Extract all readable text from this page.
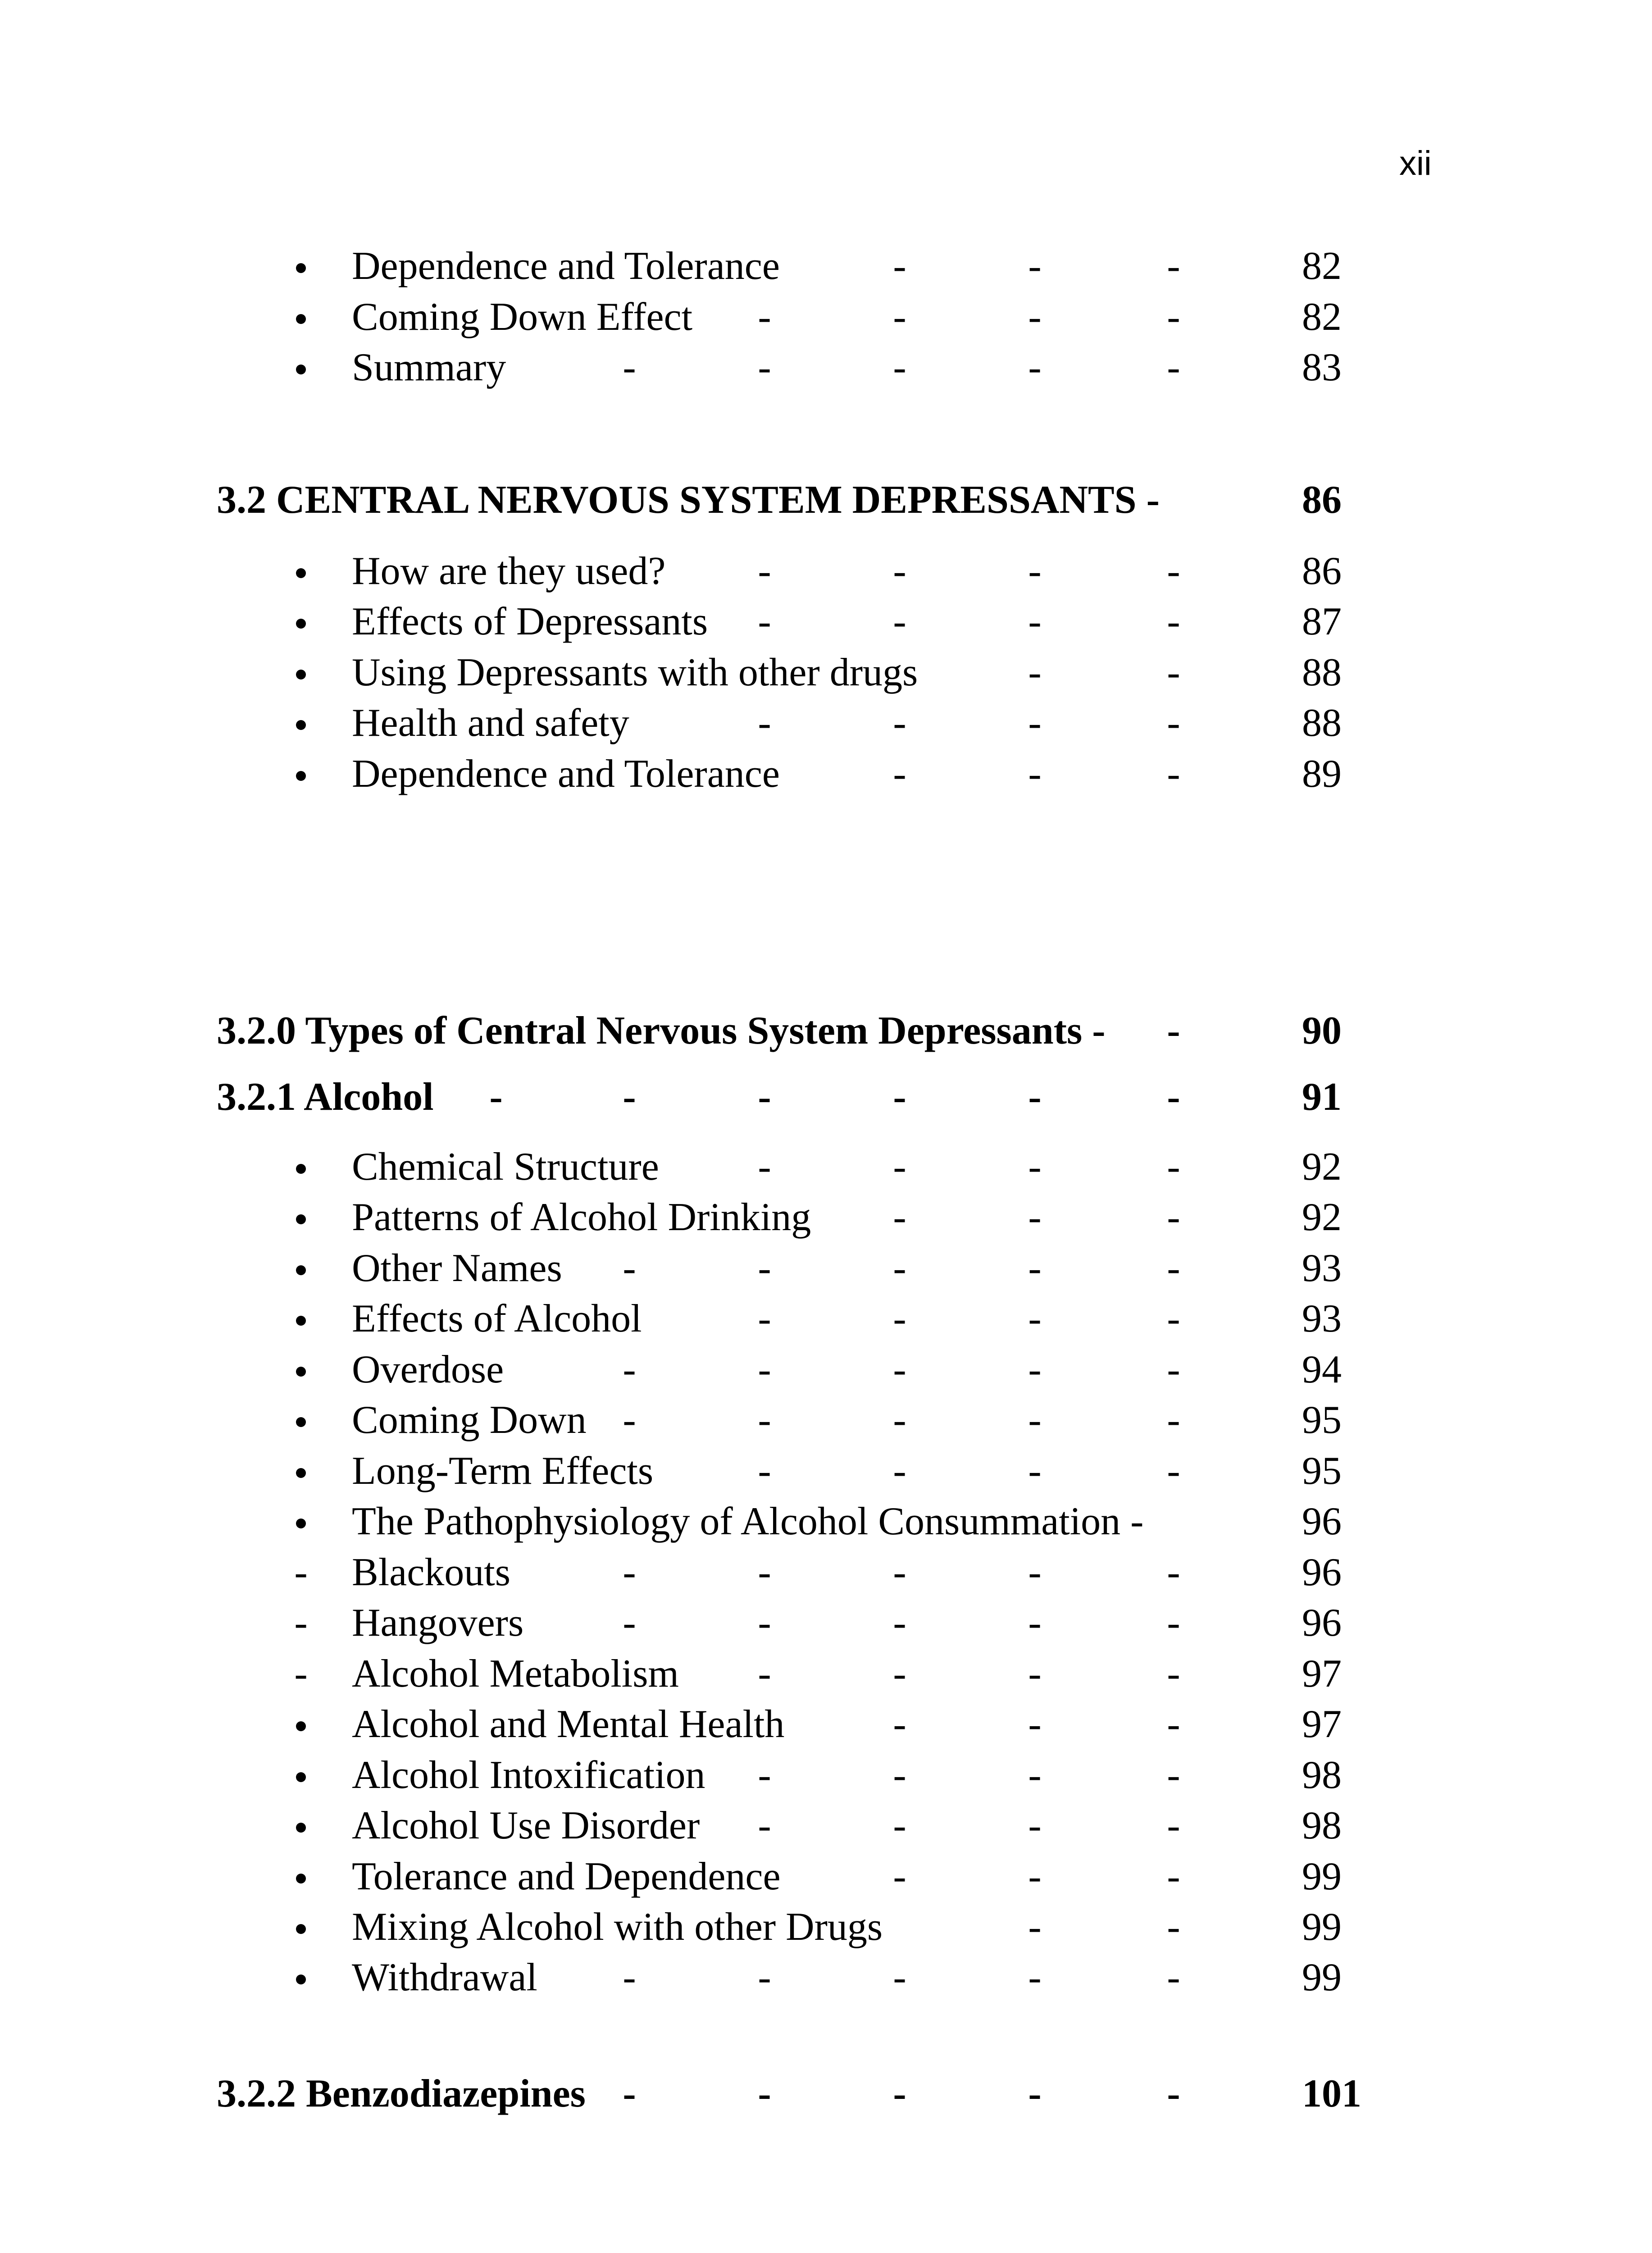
xii
Dependence and Tolerance	-	-	-	82
Coming Down Effect -	-	-	-	82
Summary	-	-	-	-	-	83
3.2 CENTRAL NERVOUS SYSTEM DEPRESSANTS -	86
How are they used? -	-	-	-	86
Effects of Depressants -	-	-	-	87
Using Depressants with other drugs	-	-	88
Health and safety	-	-	-	-	88
Dependence and Tolerance	-	-	-	89
3.2.0 Types of Central Nervous System Depressants - -	90
3.2.1 Alcohol -	-	-	-	-	-	91
Chemical Structure -	-	-	-	92
Patterns of Alcohol Drinking -	-	-	92
Other Names -	-	-	-	-	93
Effects of Alcohol	-	-	-	-	93
Overdose	-	-	-	-	-	94
Coming Down -	-	-	-	-	95
Long-Term Effects	-	-	-	-	95
The Pathophysiology of Alcohol Consummation -	96
- Blackouts	-	-	-	-	-	96
- Hangovers	-	-	-	-	-	96
- Alcohol Metabolism -	-	-	-	97
Alcohol and Mental Health	-	-	-	97
Alcohol Intoxification -	-	-	-	98
Alcohol Use Disorder -	-	-	-	98
Tolerance and Dependence	-	-	-	99
Mixing Alcohol with other Drugs	-	-	99
Withdrawal -	-	-	-	-	99
3.2.2 Benzodiazepines -	-	-	-	-	101
